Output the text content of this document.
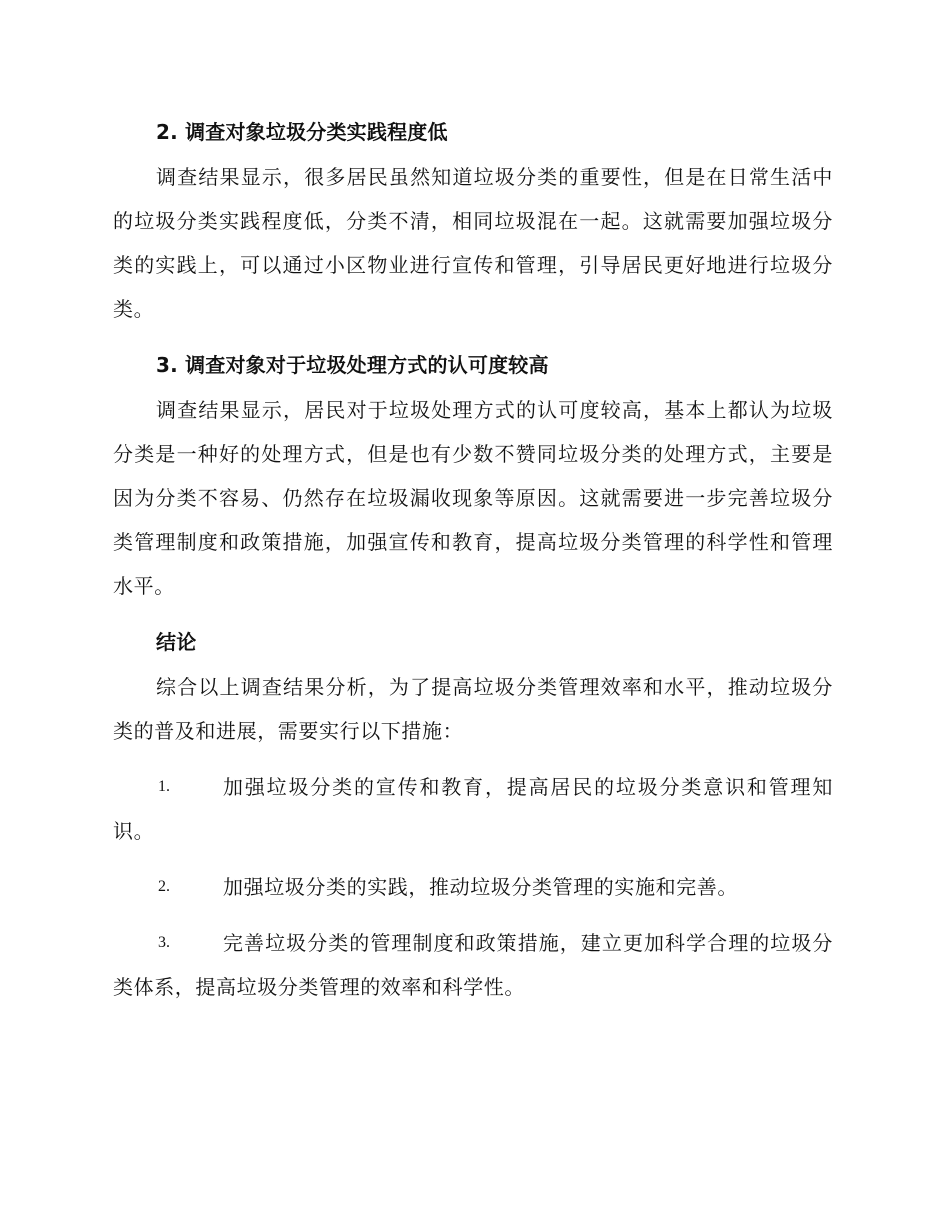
2. 调查对象垃圾分类实践程度低

调查结果显示，很多居民虽然知道垃圾分类的重要性，但是在日常生活中的垃圾分类实践程度低，分类不清，相同垃圾混在一起。这就需要加强垃圾分类的实践上，可以通过小区物业进行宣传和管理，引导居民更好地进行垃圾分类。

3. 调查对象对于垃圾处理方式的认可度较高

调查结果显示，居民对于垃圾处理方式的认可度较高，基本上都认为垃圾分类是一种好的处理方式，但是也有少数不赞同垃圾分类的处理方式，主要是因为分类不容易、仍然存在垃圾漏收现象等原因。这就需要进一步完善垃圾分类管理制度和政策措施，加强宣传和教育，提高垃圾分类管理的科学性和管理水平。

结论

综合以上调查结果分析，为了提高垃圾分类管理效率和水平，推动垃圾分类的普及和进展，需要实行以下措施：

1.	加强垃圾分类的宣传和教育，提高居民的垃圾分类意识和管理知识。
2.	加强垃圾分类的实践，推动垃圾分类管理的实施和完善。
3.	完善垃圾分类的管理制度和政策措施，建立更加科学合理的垃圾分类体系，提高垃圾分类管理的效率和科学性。
